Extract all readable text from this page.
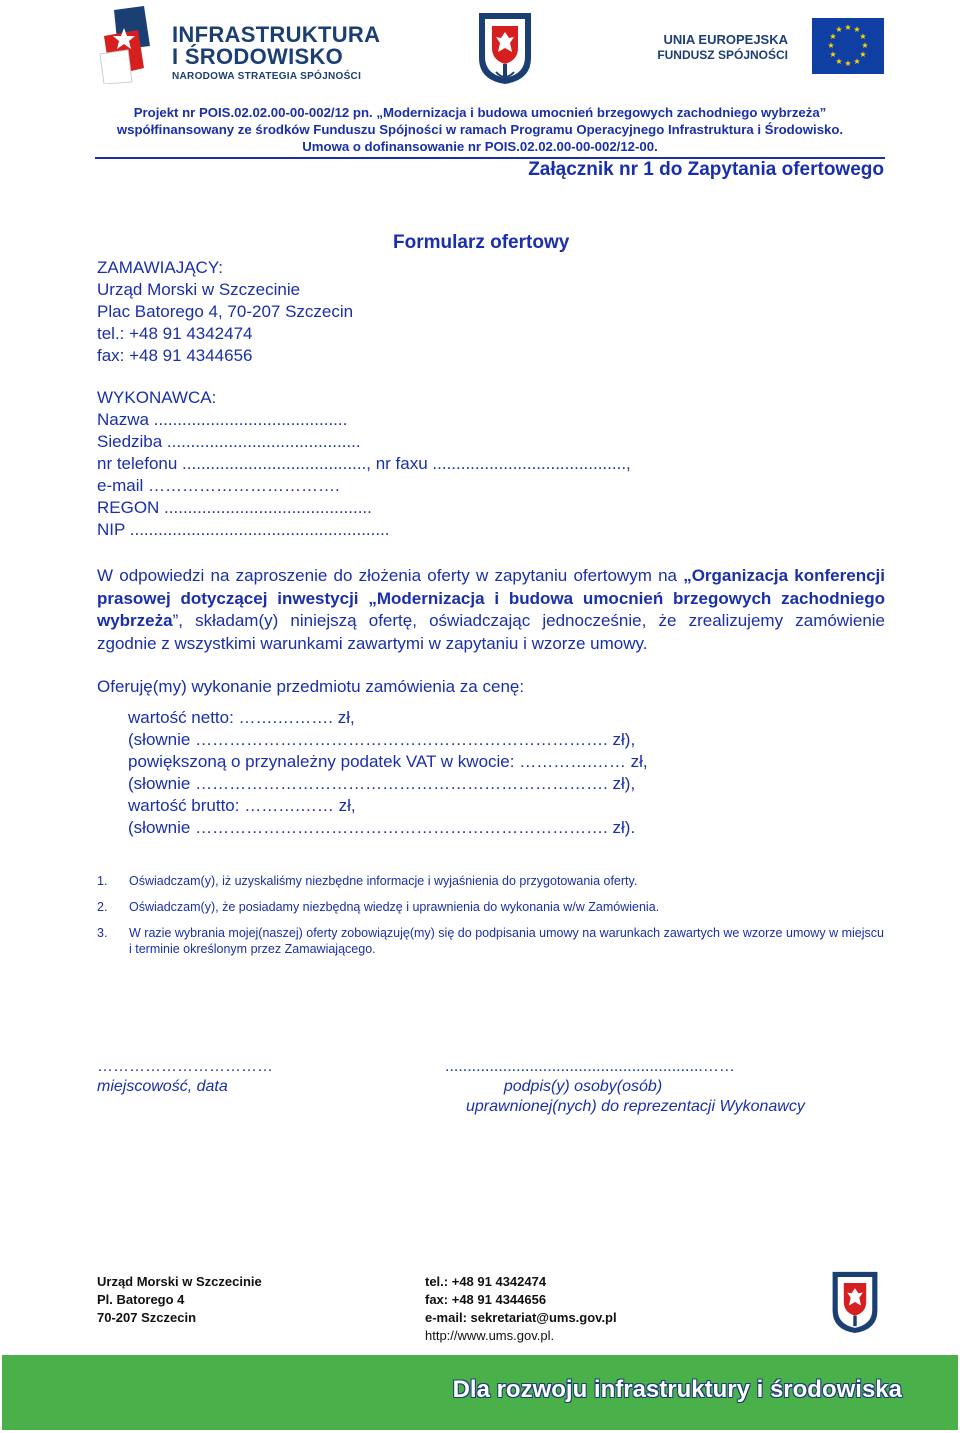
INFRASTRUKTURA
I ŚRODOWISKO
NARODOWA STRATEGIA SPÓJNOŚCI
UNIA EUROPEJSKA
FUNDUSZ SPÓJNOŚCI
★ ★
★
★
★
★
★
★
★
★
★
★
Projekt nr POIS.02.02.00-00-002/12 pn. „Modernizacja i budowa umocnień brzegowych zachodniego wybrzeża”
współfinansowany ze środków Funduszu Spójności w ramach Programu Operacyjnego Infrastruktura i Środowisko.
Umowa o dofinansowanie nr POIS.02.02.00-00-002/12-00.
Załącznik nr 1 do Zapytania ofertowego
Formularz ofertowy
ZAMAWIAJĄCY:
Urząd Morski w Szczecinie
Plac Batorego 4, 70-207 Szczecin
tel.: +48 91 4342474
fax: +48 91 4344656
WYKONAWCA:
Nazwa .........................................
Siedziba .........................................
nr telefonu ......................................., nr faxu .........................................,
e-mail …………………………….
REGON ............................................
NIP .......................................................
W odpowiedzi na zaproszenie do złożenia oferty w zapytaniu ofertowym na „Organizacja konferencji prasowej dotyczącej inwestycji „Modernizacja i budowa umocnień brzegowych zachodniego wybrzeża”, składam(y) niniejszą ofertę, oświadczając jednocześnie, że zrealizujemy zamówienie zgodnie z wszystkimi warunkami zawartymi w zapytaniu i wzorze umowy.
Oferuję(my) wykonanie przedmiotu zamówienia za cenę:
wartość netto: …….………. zł,
(słownie ………………………………………………………………. zł),
powiększoną o przynależny podatek VAT w kwocie: ………….…… zł,
(słownie ………………………………………………………………. zł),
wartość brutto: ……….…… zł,
(słownie ………………………………………………………………. zł).
1. Oświadczam(y), iż uzyskaliśmy niezbędne informacje i wyjaśnienia do przygotowania oferty.
2. Oświadczam(y), że posiadamy niezbędną wiedzę i uprawnienia do wykonania w/w Zamówienia.
3. W razie wybrania mojej(naszej) oferty zobowiązuję(my) się do podpisania umowy na warunkach zawartych we wzorze umowy w miejscu i terminie określonym przez Zamawiającego.
……………………………
miejscowość, data
..........................................................……
podpis(y) osoby(osób)
uprawnionej(nych) do reprezentacji Wykonawcy
Urząd Morski w Szczecinie
Pl. Batorego 4
70-207 Szczecin
tel.: +48 91 4342474
fax: +48 91 4344656
e-mail: sekretariat@ums.gov.pl
http://www.ums.gov.pl.
Dla rozwoju infrastruktury i środowiska
